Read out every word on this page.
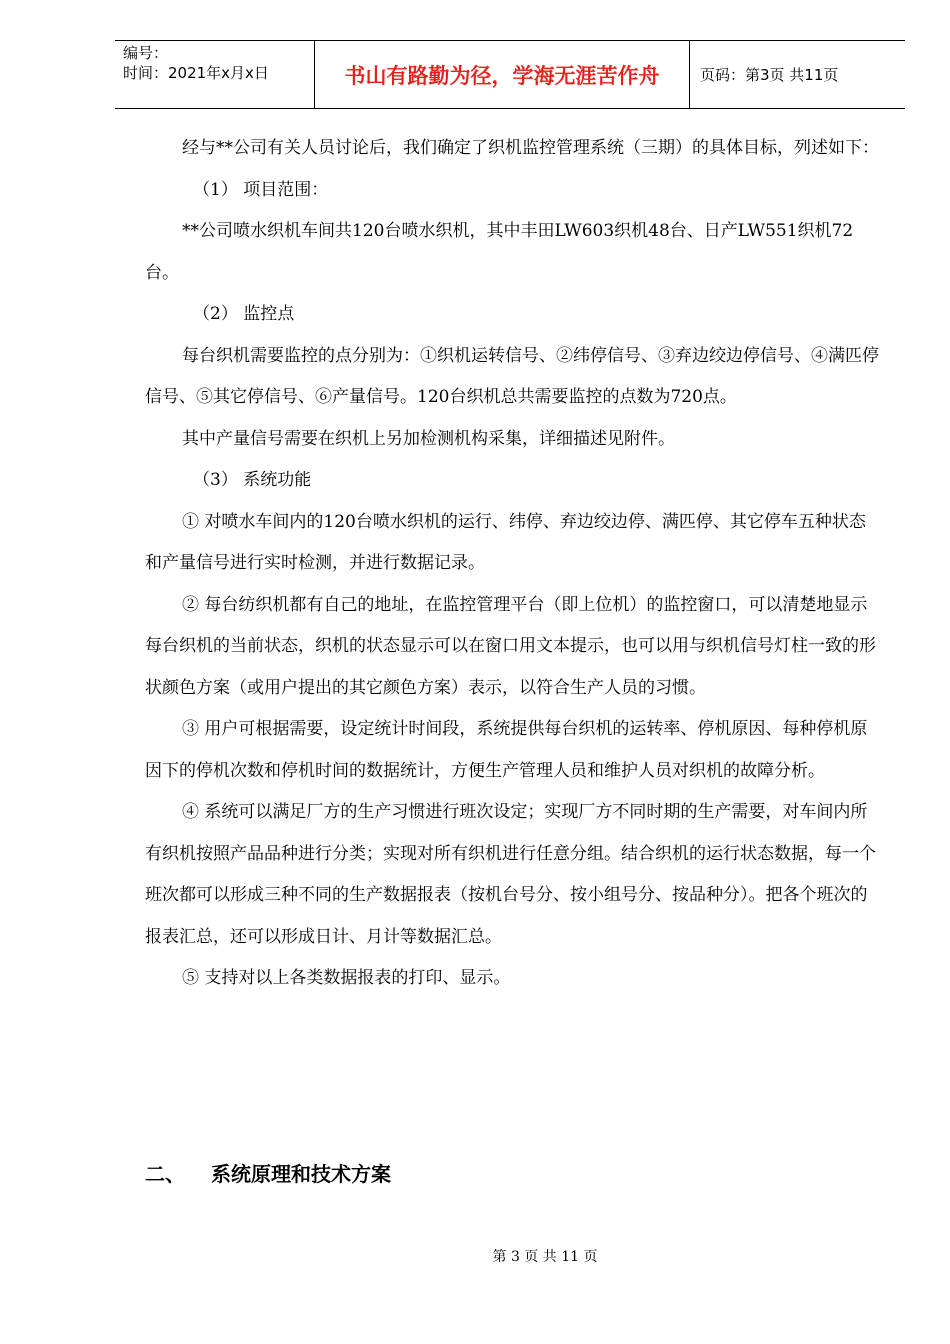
编号：
时间：2021年x月x日	书山有路勤为径，学海无涯苦作舟	页码：第3页 共11页

经与**公司有关人员讨论后，我们确定了织机监控管理系统（三期）的具体目标，列述如下：

（1） 项目范围：

**公司喷水织机车间共120台喷水织机，其中丰田LW603织机48台、日产LW551织机72台。

（2） 监控点

每台织机需要监控的点分别为：①织机运转信号、②纬停信号、③弃边绞边停信号、④满匹停信号、⑤其它停信号、⑥产量信号。120台织机总共需要监控的点数为720点。

其中产量信号需要在织机上另加检测机构采集，详细描述见附件。

（3） 系统功能

① 对喷水车间内的120台喷水织机的运行、纬停、弃边绞边停、满匹停、其它停车五种状态和产量信号进行实时检测，并进行数据记录。

② 每台纺织机都有自己的地址，在监控管理平台（即上位机）的监控窗口，可以清楚地显示每台织机的当前状态，织机的状态显示可以在窗口用文本提示，也可以用与织机信号灯柱一致的形状颜色方案（或用户提出的其它颜色方案）表示，以符合生产人员的习惯。

③ 用户可根据需要，设定统计时间段，系统提供每台织机的运转率、停机原因、每种停机原因下的停机次数和停机时间的数据统计，方便生产管理人员和维护人员对织机的故障分析。

④ 系统可以满足厂方的生产习惯进行班次设定；实现厂方不同时期的生产需要，对车间内所有织机按照产品品种进行分类；实现对所有织机进行任意分组。结合织机的运行状态数据，每一个班次都可以形成三种不同的生产数据报表（按机台号分、按小组号分、按品种分）。把各个班次的报表汇总，还可以形成日计、月计等数据汇总。

⑤ 支持对以上各类数据报表的打印、显示。

二、	系统原理和技术方案
第 3 页 共 11 页
